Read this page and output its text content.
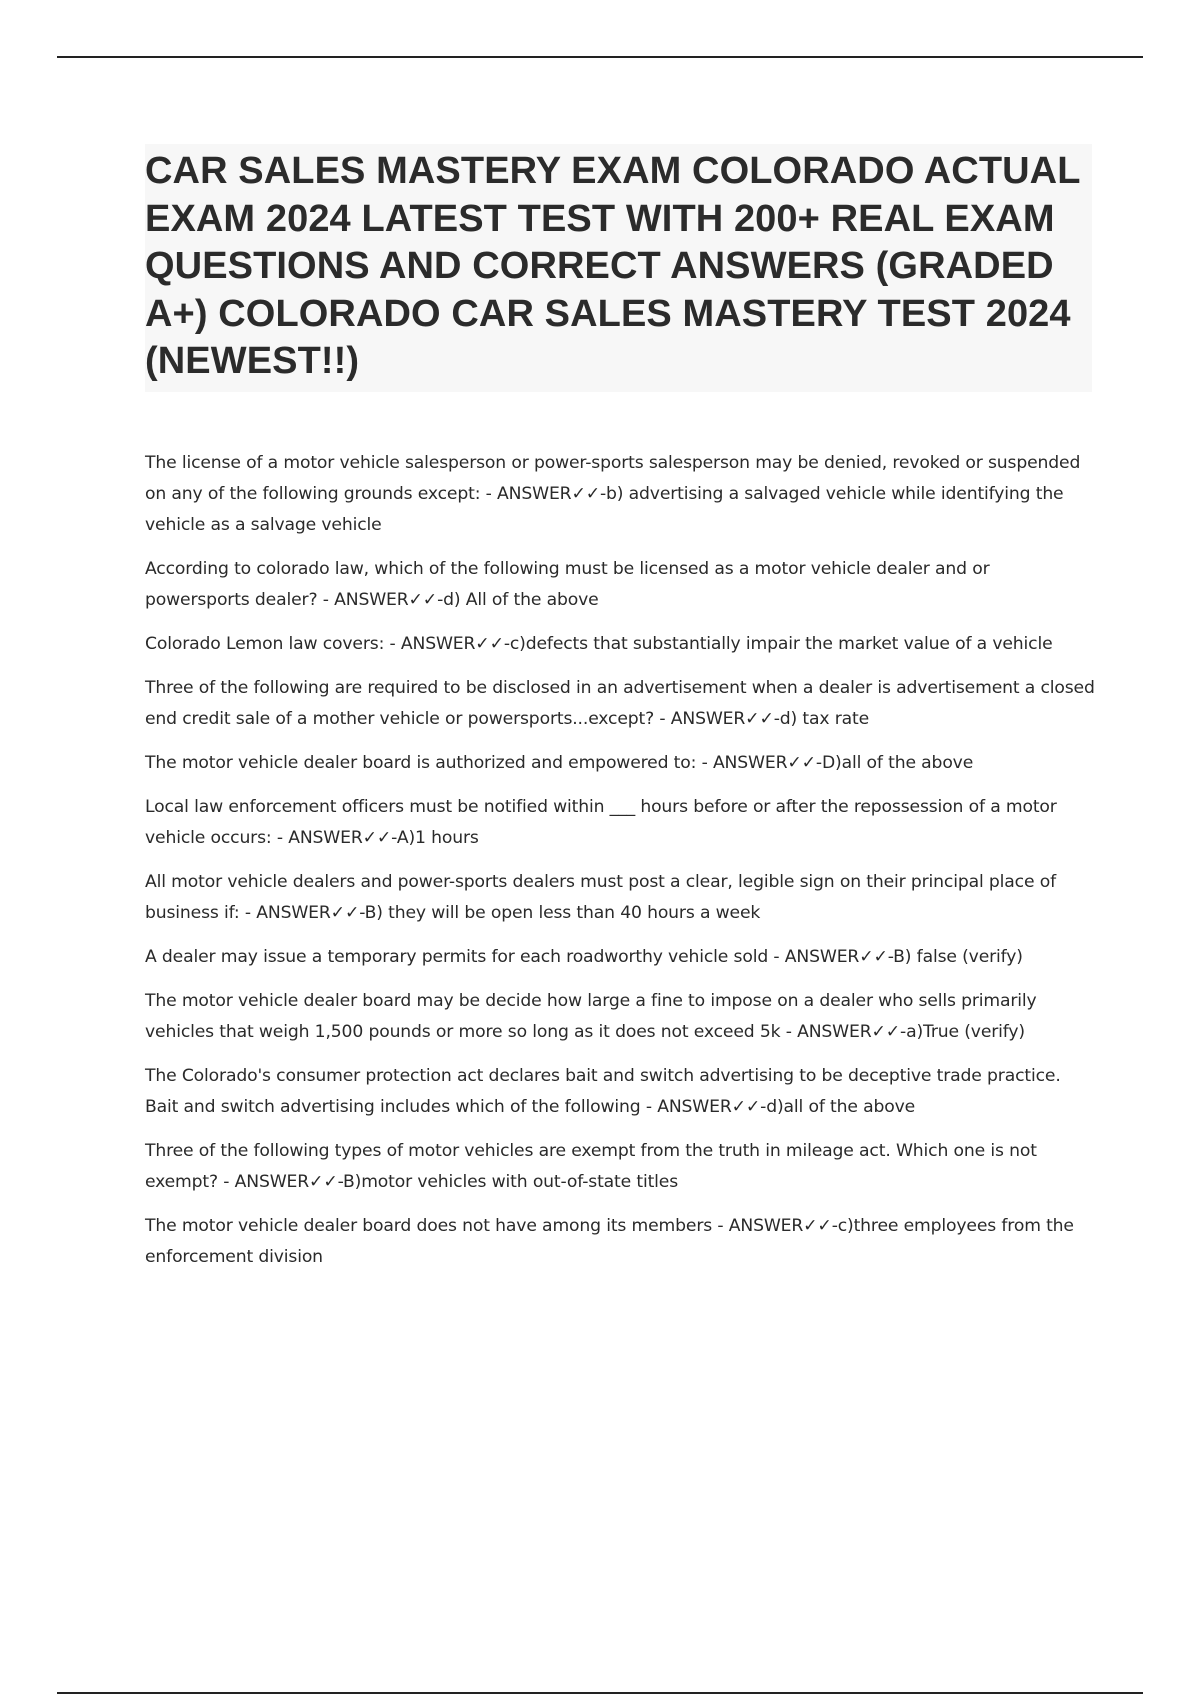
CAR SALES MASTERY EXAM COLORADO ACTUAL EXAM 2024 LATEST TEST WITH 200+ REAL EXAM QUESTIONS AND CORRECT ANSWERS (GRADED A+) COLORADO CAR SALES MASTERY TEST 2024 (NEWEST!!)

The license of a motor vehicle salesperson or power-sports salesperson may be denied, revoked or suspended on any of the following grounds except: - ANSWER✓✓-b) advertising a salvaged vehicle while identifying the vehicle as a salvage vehicle

According to colorado law, which of the following must be licensed as a motor vehicle dealer and or powersports dealer? - ANSWER✓✓-d) All of the above

Colorado Lemon law covers: - ANSWER✓✓-c)defects that substantially impair the market value of a vehicle

Three of the following are required to be disclosed in an advertisement when a dealer is advertisement a closed end credit sale of a mother vehicle or powersports...except? - ANSWER✓✓-d) tax rate

The motor vehicle dealer board is authorized and empowered to: - ANSWER✓✓-D)all of the above

Local law enforcement officers must be notified within ___ hours before or after the repossession of a motor vehicle occurs: - ANSWER✓✓-A)1 hours

All motor vehicle dealers and power-sports dealers must post a clear, legible sign on their principal place of business if: - ANSWER✓✓-B) they will be open less than 40 hours a week

A dealer may issue a temporary permits for each roadworthy vehicle sold - ANSWER✓✓-B) false (verify)

The motor vehicle dealer board may be decide how large a fine to impose on a dealer who sells primarily vehicles that weigh 1,500 pounds or more so long as it does not exceed 5k - ANSWER✓✓-a)True (verify)

The Colorado's consumer protection act declares bait and switch advertising to be deceptive trade practice. Bait and switch advertising includes which of the following - ANSWER✓✓-d)all of the above

Three of the following types of motor vehicles are exempt from the truth in mileage act. Which one is not exempt? - ANSWER✓✓-B)motor vehicles with out-of-state titles

The motor vehicle dealer board does not have among its members - ANSWER✓✓-c)three employees from the enforcement division
